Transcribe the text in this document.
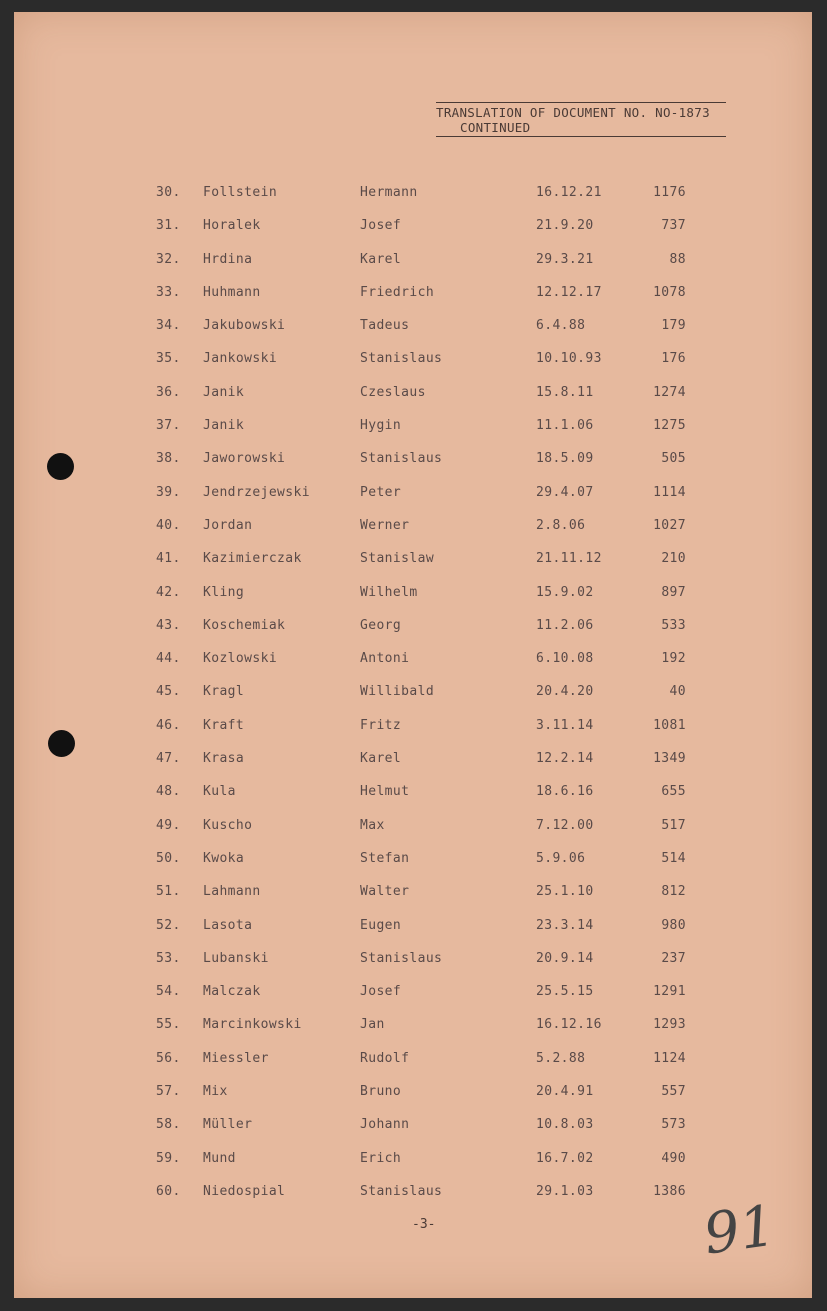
TRANSLATION OF DOCUMENT NO. NO-1873
CONTINUED
30. Follstein	Hermann	16.12.21	1176
31. Horalek	Josef	21.9.20	737
32. Hrdina	Karel	29.3.21	88
33. Huhmann	Friedrich	12.12.17	1078
34. Jakubowski	Tadeus	6.4.88	179
35. Jankowski	Stanislaus	10.10.93	176
36. Janik	Czeslaus	15.8.11	1274
37. Janik	Hygin	11.1.06	1275
38. Jaworowski	Stanislaus	18.5.09	505
39. Jendrzejewski	Peter	29.4.07	1114
40. Jordan	Werner	2.8.06	1027
41. Kazimierczak	Stanislaw	21.11.12	210
42. Kling	Wilhelm	15.9.02	897
43. Koschemiak	Georg	11.2.06	533
44. Kozlowski	Antoni	6.10.08	192
45. Kragl	Willibald	20.4.20	40
46. Kraft	Fritz	3.11.14	1081
47. Krasa	Karel	12.2.14	1349
48. Kula	Helmut	18.6.16	655
49. Kuscho	Max	7.12.00	517
50. Kwoka	Stefan	5.9.06	514
51. Lahmann	Walter	25.1.10	812
52. Lasota	Eugen	23.3.14	980
53. Lubanski	Stanislaus	20.9.14	237
54. Malczak	Josef	25.5.15	1291
55. Marcinkowski	Jan	16.12.16	1293
56. Miessler	Rudolf	5.2.88	1124
57. Mix	Bruno	20.4.91	557
58. Müller	Johann	10.8.03	573
59. Mund	Erich	16.7.02	490
60. Niedospial	Stanislaus	29.1.03	1386
-3-	91
